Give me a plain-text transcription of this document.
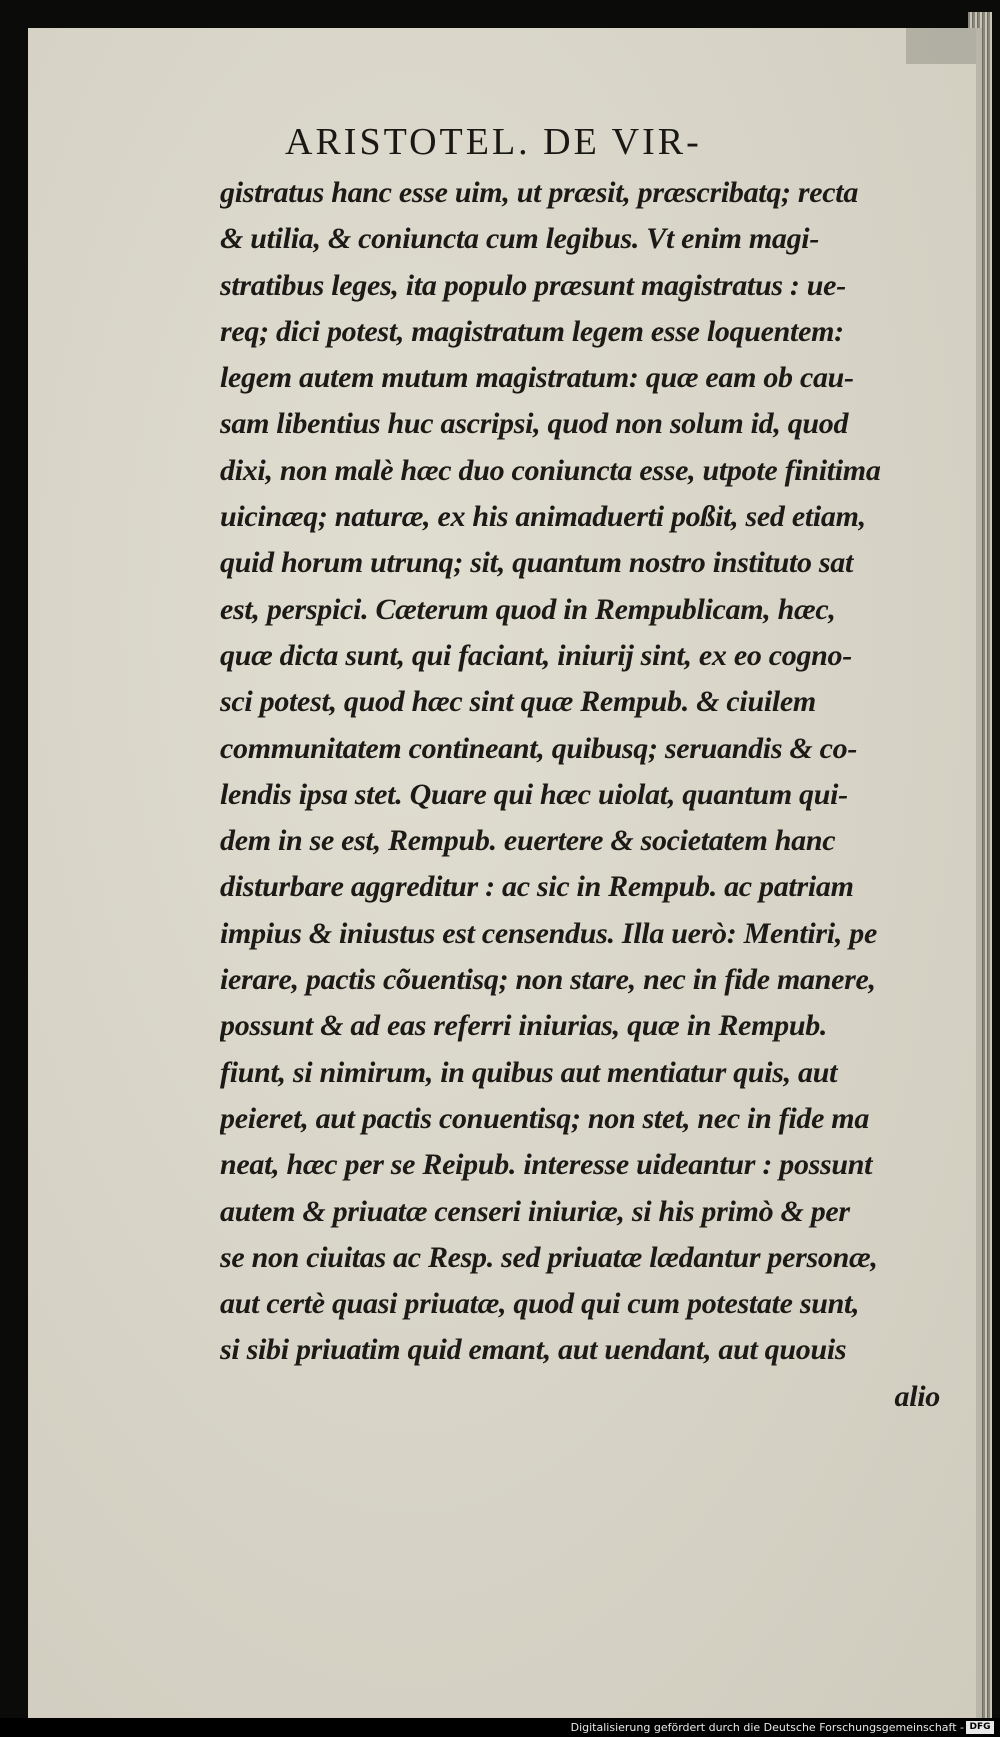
ARISTOTEL. DE VIR-
gistratus hanc esse uim, ut præsit, præscribatq; recta
& utilia, & coniuncta cum legibus. Vt enim magi-
stratibus leges, ita populo præsunt magistratus : ue-
req; dici potest, magistratum legem esse loquentem:
legem autem mutum magistratum: quæ eam ob cau-
sam libentius huc ascripsi, quod non solum id, quod
dixi, non malè hæc duo coniuncta esse, utpote finitima
uicinæq; naturæ, ex his animaduerti poßit, sed etiam,
quid horum utrunq; sit, quantum nostro instituto sat
est, perspici. Cæterum quod in Rempublicam, hæc,
quæ dicta sunt, qui faciant, iniurij sint, ex eo cogno-
sci potest, quod hæc sint quæ Rempub. & ciuilem
communitatem contineant, quibusq; seruandis & co-
lendis ipsa stet. Quare qui hæc uiolat, quantum qui-
dem in se est, Rempub. euertere & societatem hanc
disturbare aggreditur : ac sic in Rempub. ac patriam
impius & iniustus est censendus. Illa uerò: Mentiri, pe
ierare, pactis cõuentisq; non stare, nec in fide manere,
possunt & ad eas referri iniurias, quæ in Rempub.
fiunt, si nimirum, in quibus aut mentiatur quis, aut
peieret, aut pactis conuentisq; non stet, nec in fide ma
neat, hæc per se Reipub. interesse uideantur : possunt
autem & priuatæ censeri iniuriæ, si his primò & per
se non ciuitas ac Resp. sed priuatæ lædantur personæ,
aut certè quasi priuatæ, quod qui cum potestate sunt,
si sibi priuatim quid emant, aut uendant, aut quouis
alio
Digitalisierung gefördert durch die Deutsche Forschungsgemeinschaft - DFG
